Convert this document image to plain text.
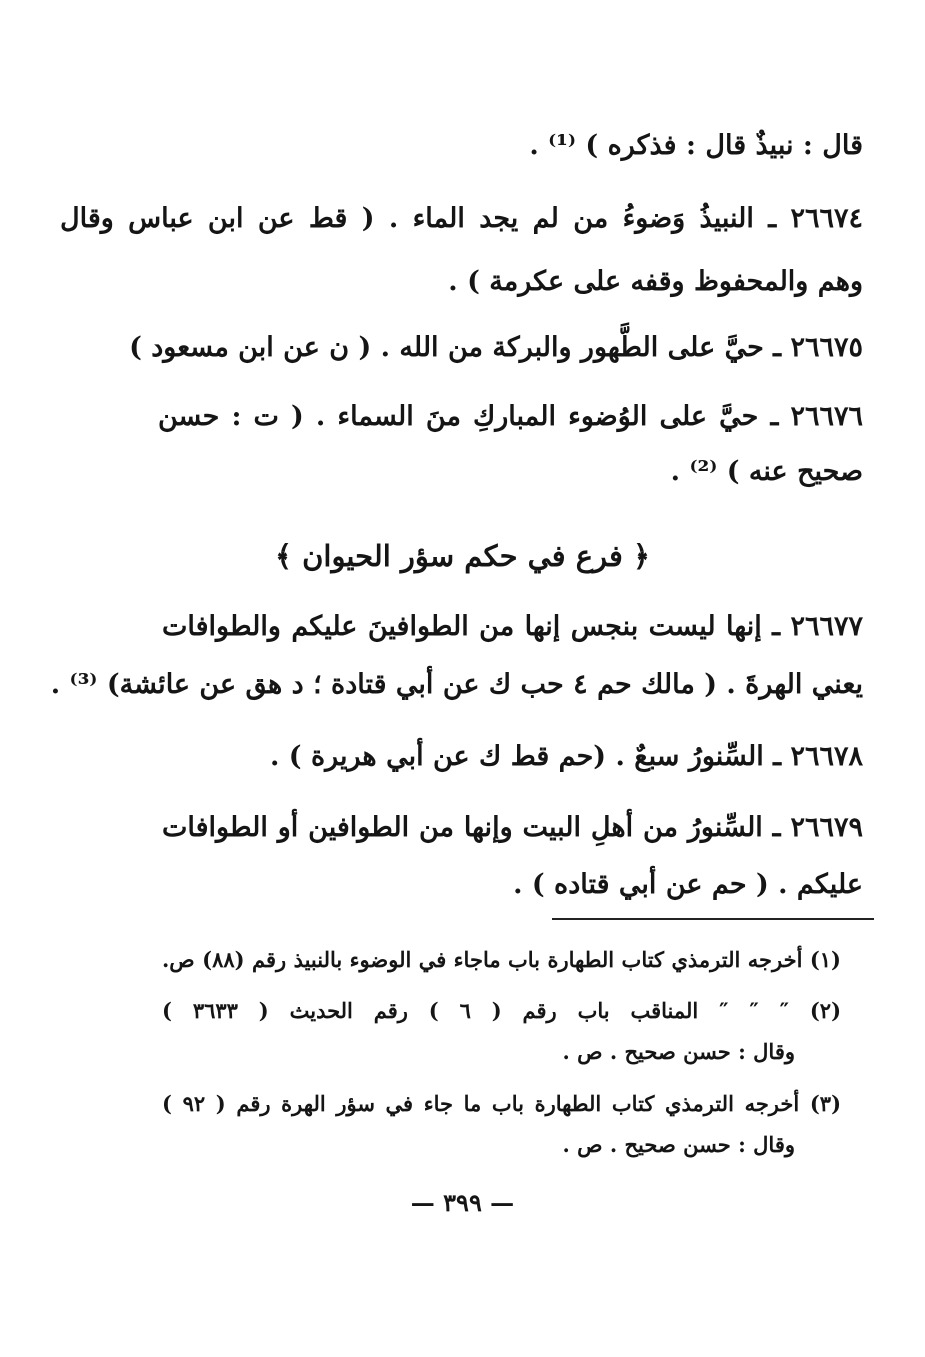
قال : نبيذٌ قال : فذكره ) ⁽¹⁾ .
٢٦٦٧٤ ـ النبيذُ وَضوءُ من لم يجد الماء . ( قط عن ابن عباس وقال
وهم والمحفوظ وقفه على عكرمة ) .
٢٦٦٧٥ ـ حيَّ على الطَّهور والبركة من الله . ( ن عن ابن مسعود )
٢٦٦٧٦ ـ حيَّ على الوُضوء المباركِ منَ السماء . ( ت : حسن
صحيح عنه ) ⁽²⁾ .
﴿ فرع في حكم سؤر الحيوان ﴾
٢٦٦٧٧ ـ إنها ليست بنجس إنها من الطوافينَ عليكم والطوافات
يعني الهرةَ . ( مالك حم ٤ حب ك عن أبي قتادة ؛ د هق عن عائشة) ⁽³⁾ .
٢٦٦٧٨ ـ السِّنورُ سبعٌ . (حم قط ك عن أبي هريرة ) .
٢٦٦٧٩ ـ السِّنورُ من أهلِ البيت وإنها من الطوافين أو الطوافات
عليكم . ( حم عن أبي قتاده ) .
(١) أخرجه الترمذي كتاب الطهارة باب ماجاء في الوضوء بالنبيذ رقم (٨٨) ص.
(٢) ″ ″ ″ المناقب باب رقم ( ٦ ) رقم الحديث ( ٣٦٣٣ )
وقال : حسن صحيح . ص .
(٣) أخرجه الترمذي كتاب الطهارة باب ما جاء في سؤر الهرة رقم ( ٩٢ )
وقال : حسن صحيح . ص .
— ٣٩٩ —
